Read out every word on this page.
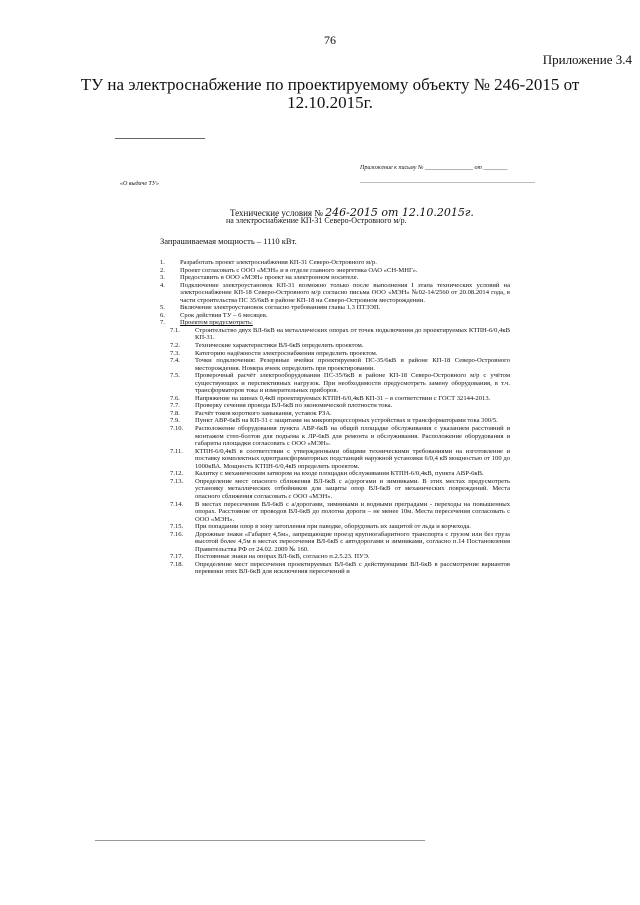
76
Приложение 3.4
ТУ на электроснабжение по проектируемому объекту № 246-2015 от 12.10.2015г.
Приложение к письму № ________________ от ________
«О выдаче ТУ»
Технические условия № 246-2015 от 12.10.2015г.
на электроснабжение КП-31 Северо-Островного м/р.
Запрашиваемая мощность – 1110 кВт.
1.	Разработать проект электроснабжения КП-31 Северо-Островного м/р.
2.	Проект согласовать с ООО «МЭН» и в отделе главного энергетика ОАО «СН-МНГ».
3.	Предоставить в ООО «МЭН» проект на электронном носителе.
4.	Подключение электроустановок КП-31 возможно только после выполнения I этапа технических условий на электроснабжение КП-18 Северо-Островного м/р согласно письма ООО «МЭН» №02-14/2560 от 20.08.2014 года, в части строительства ПС 35/6кВ в районе КП-18 на Северо-Островном месторождении.
5.	Включение электроустановок согласно требованиям главы 1.3 ПТЭЭП.
6.	Срок действия ТУ – 6 месяцев.
7.	Проектом предусмотреть:
7.1.	Строительство двух ВЛ-6кВ на металлических опорах от точек подключения до проектируемых КТПН-6/0,4кВ КП-31.
7.2.	Технические характеристики ВЛ-6кВ определить проектом.
7.3.	Категорию надёжности электроснабжения определить проектом.
7.4.	Точки подключения: Резервные ячейки проектируемой ПС-35/6кВ в районе КП-18 Северо-Островного месторождения. Номера ячеек определить при проектировании.
7.5.	Проверочный расчёт электрооборудования ПС-35/6кВ в районе КП-18 Северо-Островного м/р с учётом существующих и перспективных нагрузок. При необходимости предусмотреть замену оборудования, в т.ч. трансформаторов тока и измерительных приборов.
7.6.	Напряжение на шинах 0,4кВ проектируемых КТПН-6/0,4кВ КП-31 – в соответствии с ГОСТ 32144-2013.
7.7.	Проверку сечения провода ВЛ-6кВ по экономической плотности тока.
7.8.	Расчёт токов короткого замыкания, уставок РЗА.
7.9.	Пункт АВР-6кВ на КП-31 с защитами на микропроцессорных устройствах и трансформаторами тока 300/5.
7.10.	Расположение оборудования пункта АВР-6кВ на общей площадке обслуживания с указанием расстояний и монтажом степ-болтов для подъема к ЛР-6кВ для ремонта и обслуживания. Расположение оборудования и габариты площадки согласовать с ООО «МЭН».
7.11.	КТПН-6/0,4кВ в соответствии с утвержденными общими техническими требованиями на изготовление и поставку комплектных однотрансформаторных подстанций наружной установки 6/0,4 кВ мощностью от 100 до 1000кВА. Мощность КТПН-6/0,4кВ определить проектом.
7.12.	Калитку с механическим затвором на входе площадки обслуживания КТПН-6/0,4кВ, пункта АВР-6кВ.
7.13.	Определение мест опасного сближения ВЛ-6кВ с а/дорогами и зимниками. В этих местах предусмотреть установку металлических отбойников для защиты опор ВЛ-6кВ от механических повреждений. Места опасного сближения согласовать с ООО «МЭН».
7.14.	В местах пересечения ВЛ-6кВ с а/дорогами, зимниками и водными преградами - переходы на повышенных опорах. Расстояние от проводов ВЛ-6кВ до полотна дороги – не менее 10м. Места пересечения согласовать с ООО «МЭН».
7.15.	При попадании опор в зону затопления при паводке, оборудовать их защитой от льда и корчехода.
7.16.	Дорожные знаки «Габарит 4,5м», запрещающие проезд крупногабаритного транспорта с грузом или без груза высотой более 4,5м в местах пересечения ВЛ-6кВ с автодорогами и зимниками, согласно п.14 Постановления Правительства РФ от 24.02. 2009 № 160.
7.17.	Постоянные знаки на опорах ВЛ-6кВ, согласно п.2.5.23. ПУЭ.
7.18.	Определение мест пересечения проектируемых ВЛ-6кВ с действующими ВЛ-6кВ в рассмотрение вариантов перевязки этих ВЛ-6кВ для исключения пересечений и
